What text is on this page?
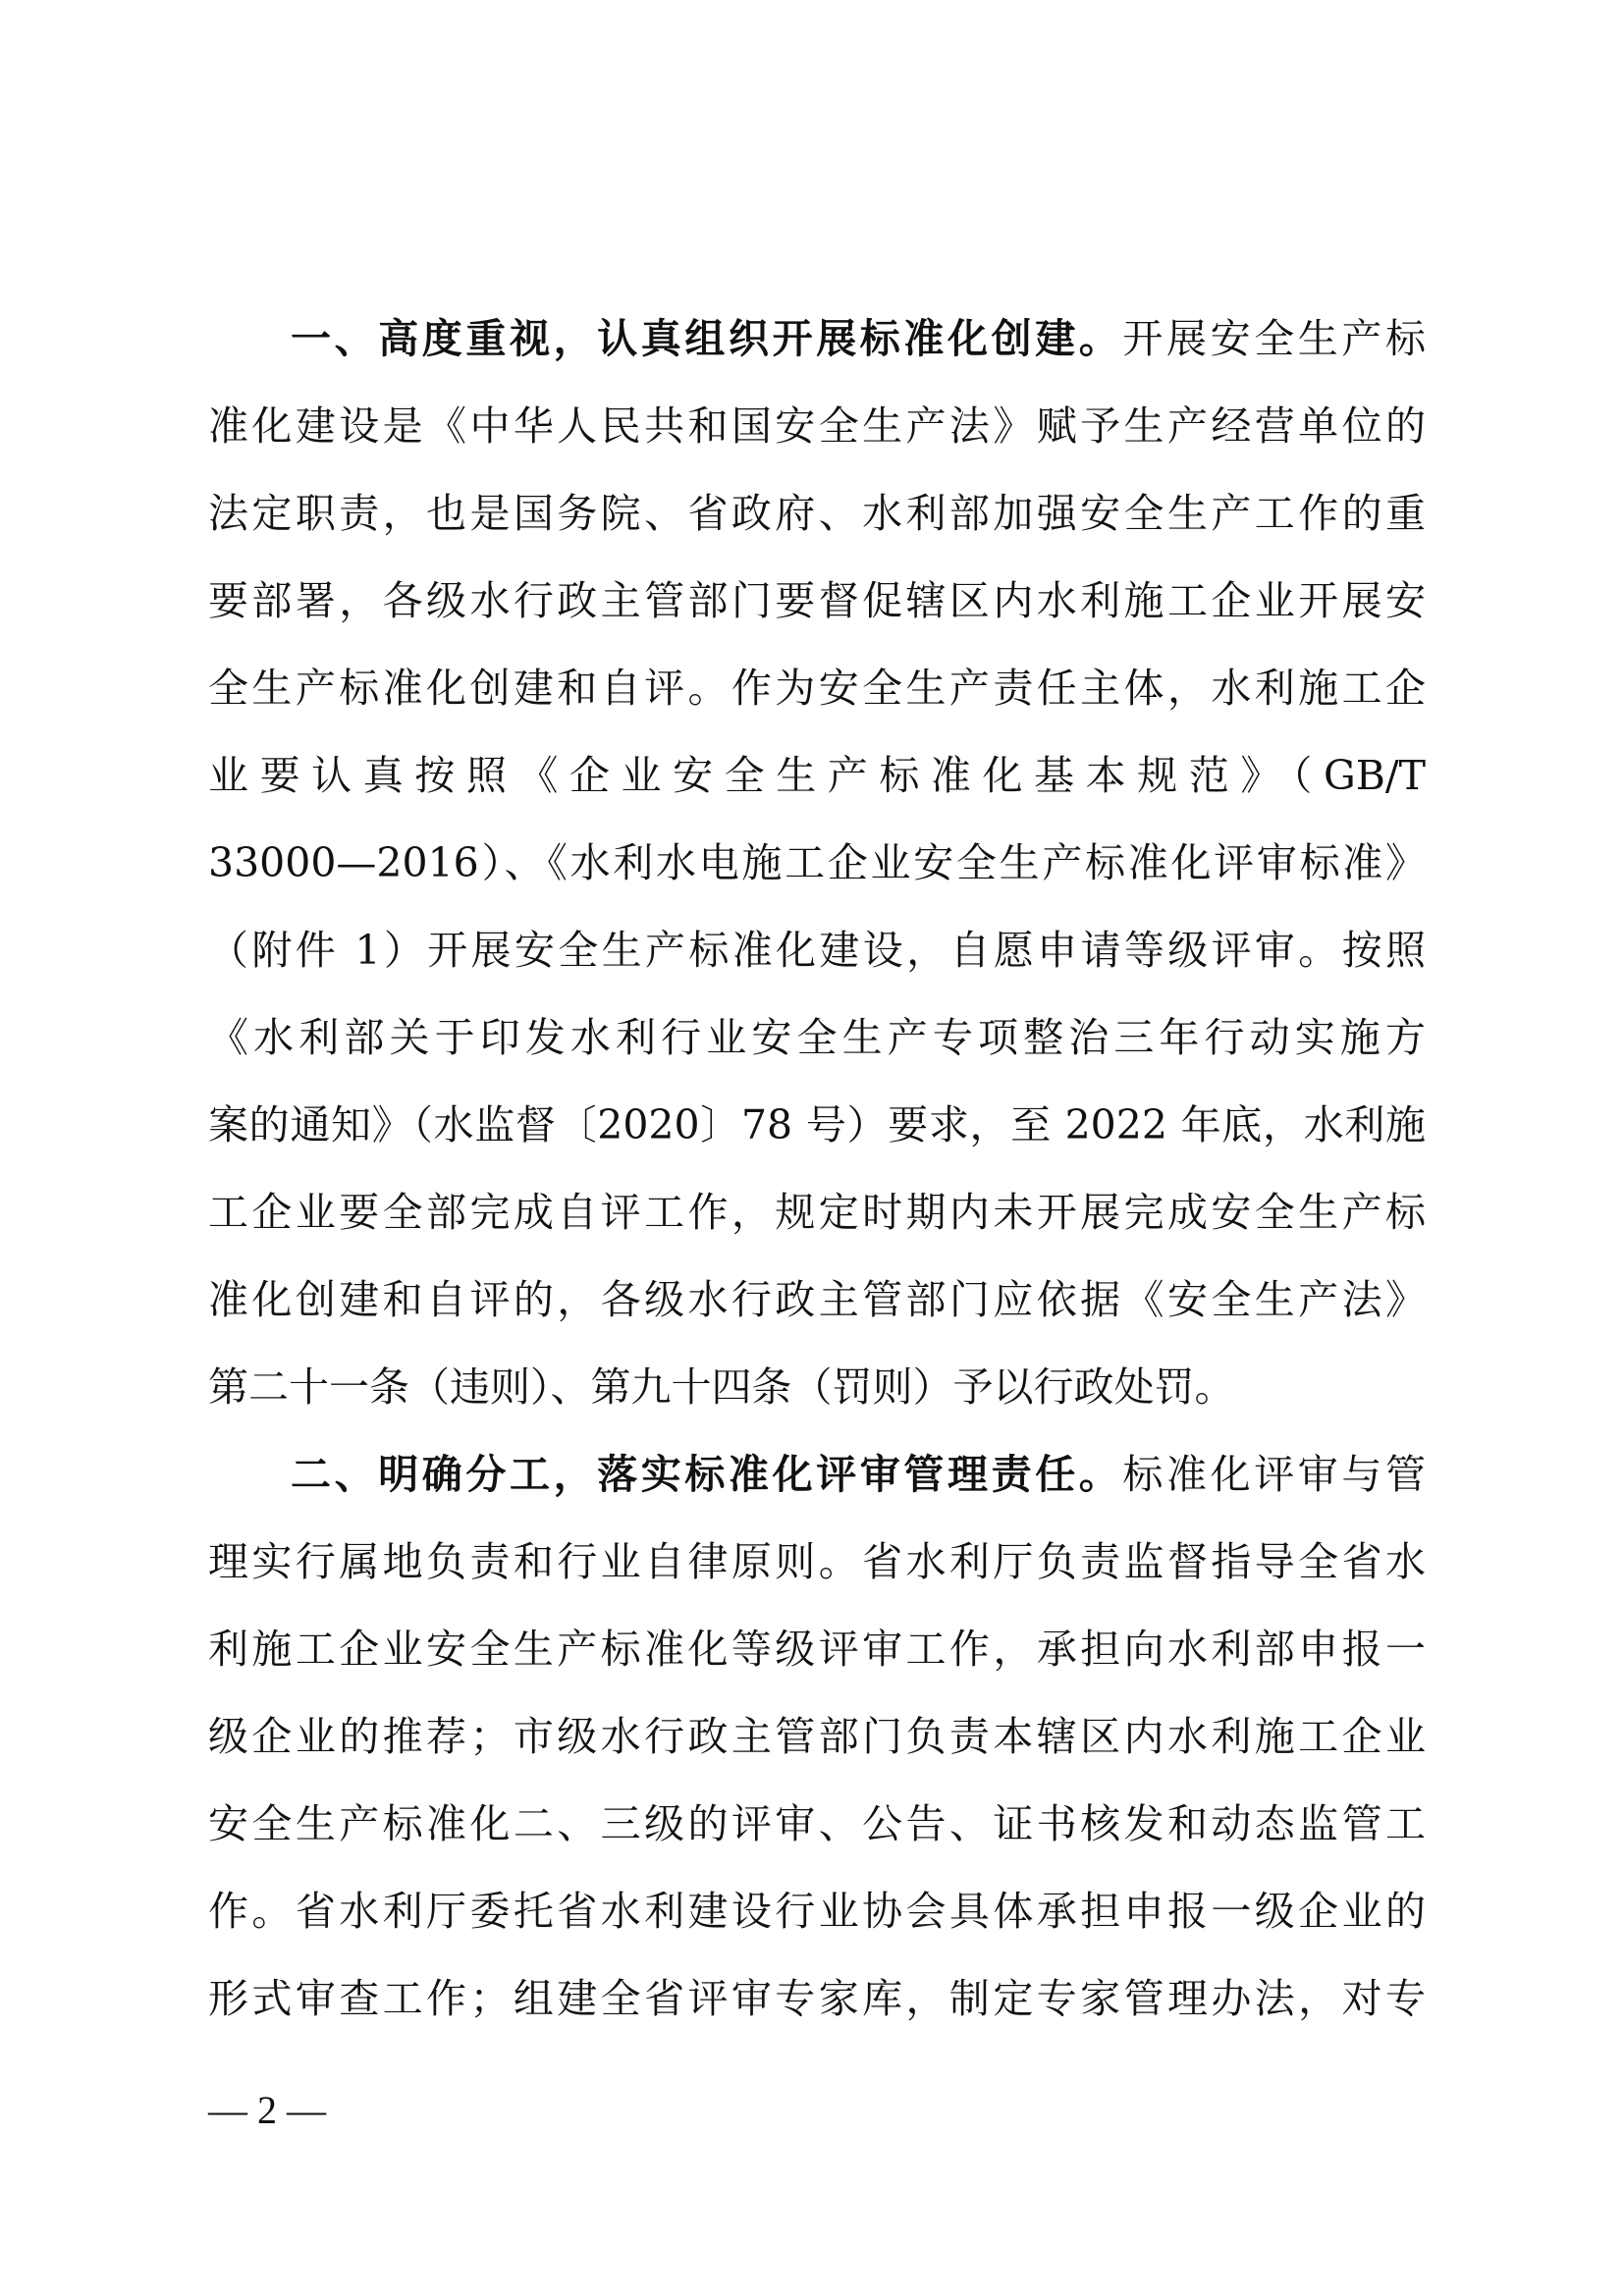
一、高度重视，认真组织开展标准化创建。开展安全生产标
准化建设是《中华人民共和国安全生产法》赋予生产经营单位的
法定职责，也是国务院、省政府、水利部加强安全生产工作的重
要部署，各级水行政主管部门要督促辖区内水利施工企业开展安
全生产标准化创建和自评。作为安全生产责任主体，水利施工企
业要认真按照《企业安全生产标准化基本规范》（GB/T
33000—2016）、《水利水电施工企业安全生产标准化评审标准》
（附件 1）开展安全生产标准化建设，自愿申请等级评审。按照
《水利部关于印发水利行业安全生产专项整治三年行动实施方
案的通知》（水监督〔2020〕78 号）要求，至 2022 年底，水利施
工企业要全部完成自评工作，规定时期内未开展完成安全生产标
准化创建和自评的，各级水行政主管部门应依据《安全生产法》
第二十一条（违则）、第九十四条（罚则）予以行政处罚。
二、明确分工，落实标准化评审管理责任。标准化评审与管
理实行属地负责和行业自律原则。省水利厅负责监督指导全省水
利施工企业安全生产标准化等级评审工作，承担向水利部申报一
级企业的推荐；市级水行政主管部门负责本辖区内水利施工企业
安全生产标准化二、三级的评审、公告、证书核发和动态监管工
作。省水利厅委托省水利建设行业协会具体承担申报一级企业的
形式审查工作；组建全省评审专家库，制定专家管理办法，对专
— 2 —
